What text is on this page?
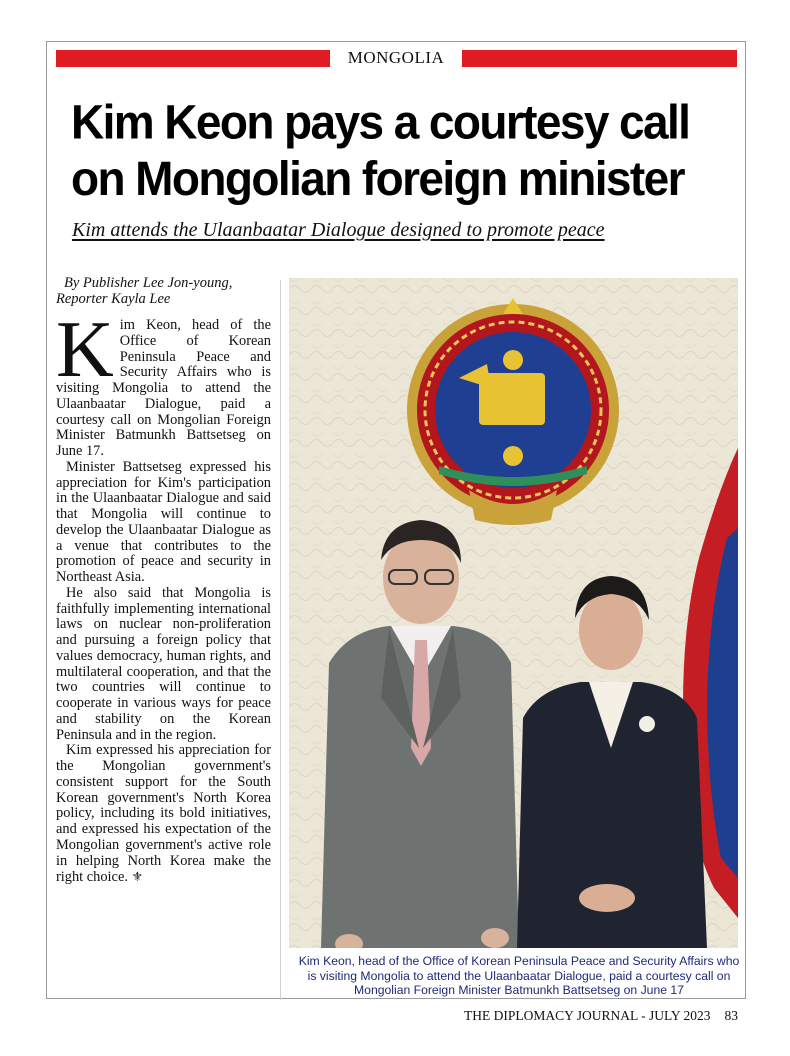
MONGOLIA
Kim Keon pays a courtesy call
on Mongolian foreign minister
Kim attends the Ulaanbaatar Dialogue designed to promote peace
By Publisher Lee Jon-young, Reporter Kayla Lee

Kim Keon, head of the Office of Korean Peninsula Peace and Security Affairs who is visiting Mongolia to attend the Ulaanbaatar Dialogue, paid a courtesy call on Mongolian Foreign Minister Batmunkh Battsetseg on June 17.

Minister Battsetseg expressed his appreciation for Kim's participation in the Ulaanbaatar Dialogue and said that Mongolia will continue to develop the Ulaanbaatar Dialogue as a venue that contributes to the promotion of peace and security in Northeast Asia.

He also said that Mongolia is faithfully implementing international laws on nuclear non-proliferation and pursuing a foreign policy that values democracy, human rights, and multilateral cooperation, and that the two countries will continue to cooperate in various ways for peace and stability on the Korean Peninsula and in the region.

Kim expressed his appreciation for the Mongolian government's consistent support for the South Korean government's North Korea policy, including its bold initiatives, and expressed his expectation of the Mongolian government's active role in helping North Korea make the right choice. ⚜

Kim Keon, head of the Office of Korean Peninsula Peace and Security Affairs who is visiting Mongolia to attend the Ulaanbaatar Dialogue, paid a courtesy call on Mongolian Foreign Minister Batmunkh Battsetseg on June 17
THE DIPLOMACY JOURNAL - JULY 2023 83
